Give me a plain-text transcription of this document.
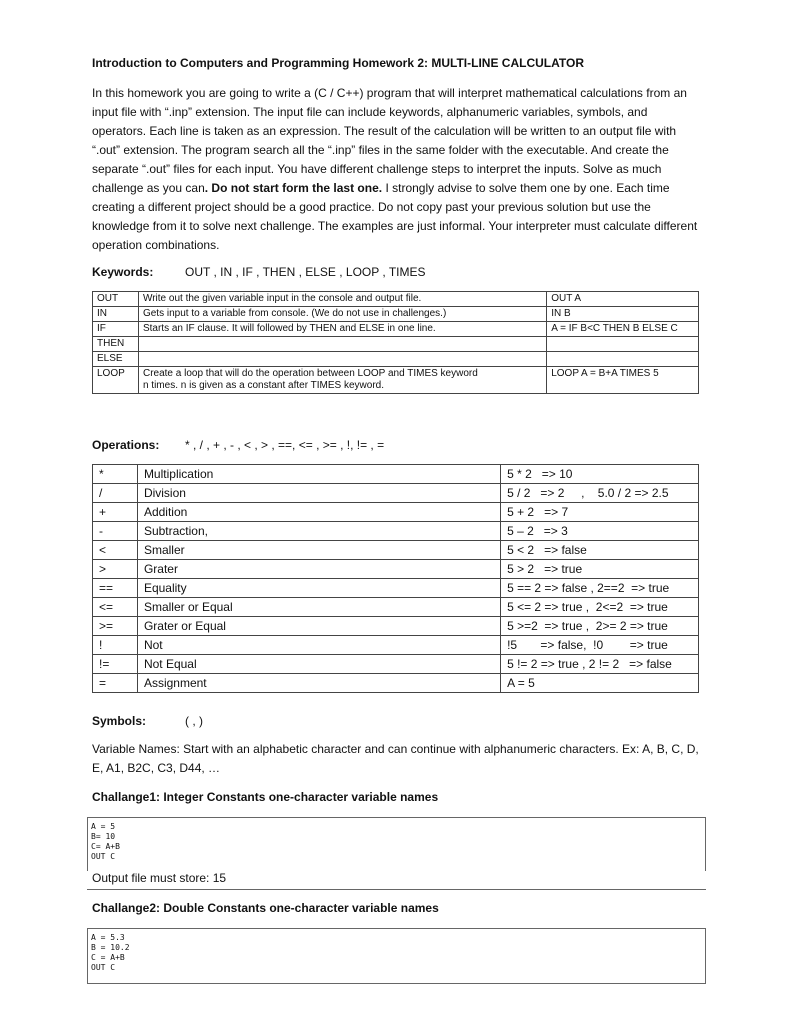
Introduction to Computers and Programming Homework 2: MULTI-LINE CALCULATOR
In this homework you are going to write a (C / C++) program that will interpret mathematical calculations from an input file with “.inp” extension. The input file can include keywords, alphanumeric variables, symbols, and operators. Each line is taken as an expression. The result of the calculation will be written to an output file with “.out” extension. The program search all the “.inp” files in the same folder with the executable. And create the separate “.out” files for each input. You have different challenge steps to interpret the inputs. Solve as much challenge as you can. Do not start form the last one. I strongly advise to solve them one by one. Each time creating a different project should be a good practice. Do not copy past your previous solution but use the knowledge from it to solve next challenge. The examples are just informal. Your interpreter must calculate different operation combinations.
Keywords:	OUT , IN , IF , THEN , ELSE , LOOP , TIMES
OUT	Write out the given variable input in the console and output file.	OUT A
IN	Gets input to a variable from console. (We do not use in challenges.)	IN B
IF	Starts an IF clause. It will followed by THEN and ELSE in one line.	A = IF B<C THEN B ELSE C
THEN		
ELSE		
LOOP	Create a loop that will do the operation between LOOP and TIMES keyword
n times. n is given as a constant after TIMES keyword.	LOOP A = B+A TIMES 5
Operations: * , / , + , - , < , > , ==, <= , >= , !, != , =
*	Multiplication	5 * 2   => 10
/	Division	5 / 2   => 2     ,    5.0 / 2 => 2.5
+	Addition	5 + 2   => 7
-	Subtraction,	5 – 2   => 3
<	Smaller	5 < 2   => false
>	Grater	5 > 2   => true
==	Equality	5 == 2 => false , 2==2  => true
<=	Smaller or Equal	5 <= 2 => true ,  2<=2  => true
>=	Grater or Equal	5 >=2  => true ,  2>= 2 => true
!	Not	!5       => false,  !0        => true
!=	Not Equal	5 != 2 => true , 2 != 2   => false
=	Assignment	A = 5
Symbols:	( , )
Variable Names: Start with an alphabetic character and can continue with alphanumeric characters. Ex: A, B, C, D, E, A1, B2C, C3, D44, …
Challange1: Integer Constants one-character variable names
A = 5
B= 10
C= A+B
OUT C
Output file must store: 15
Challange2: Double Constants one-character variable names
A = 5.3
B = 10.2
C = A+B
OUT C
